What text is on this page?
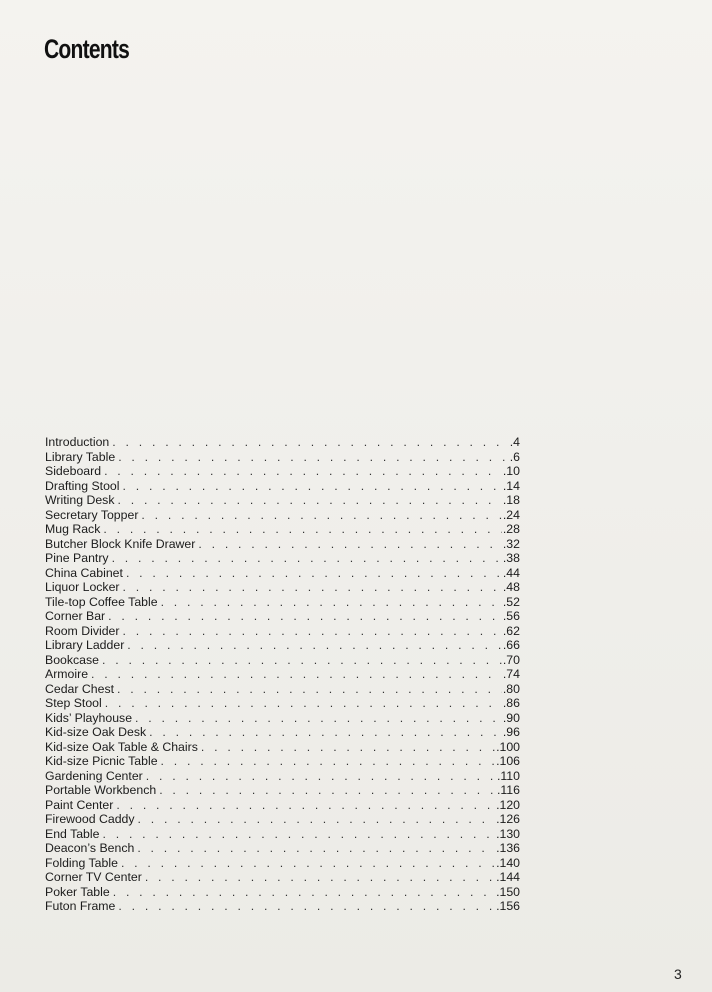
Contents
Introduction . . .	.4
Library Table . . .	.6
Sideboard . . .	.10
Drafting Stool . . .	.14
Writing Desk . . .	.18
Secretary Topper . . .	.24
Mug Rack . . .	.28
Butcher Block Knife Drawer . . .	.32
Pine Pantry . . .	.38
China Cabinet . . .	.44
Liquor Locker . . .	.48
Tile-top Coffee Table . . .	.52
Corner Bar . . .	.56
Room Divider . . .	.62
Library Ladder . . .	.66
Bookcase . . .	.70
Armoire . . .	.74
Cedar Chest . . .	.80
Step Stool . . .	.86
Kids’ Playhouse . . .	.90
Kid-size Oak Desk . . .	.96
Kid-size Oak Table & Chairs . . .	.100
Kid-size Picnic Table . . .	.106
Gardening Center . . .	.110
Portable Workbench . . .	.116
Paint Center . . .	.120
Firewood Caddy . . .	.126
End Table . . .	.130
Deacon’s Bench . . .	.136
Folding Table . . .	.140
Corner TV Center . . .	.144
Poker Table . . .	.150
Futon Frame . . .	.156
3
